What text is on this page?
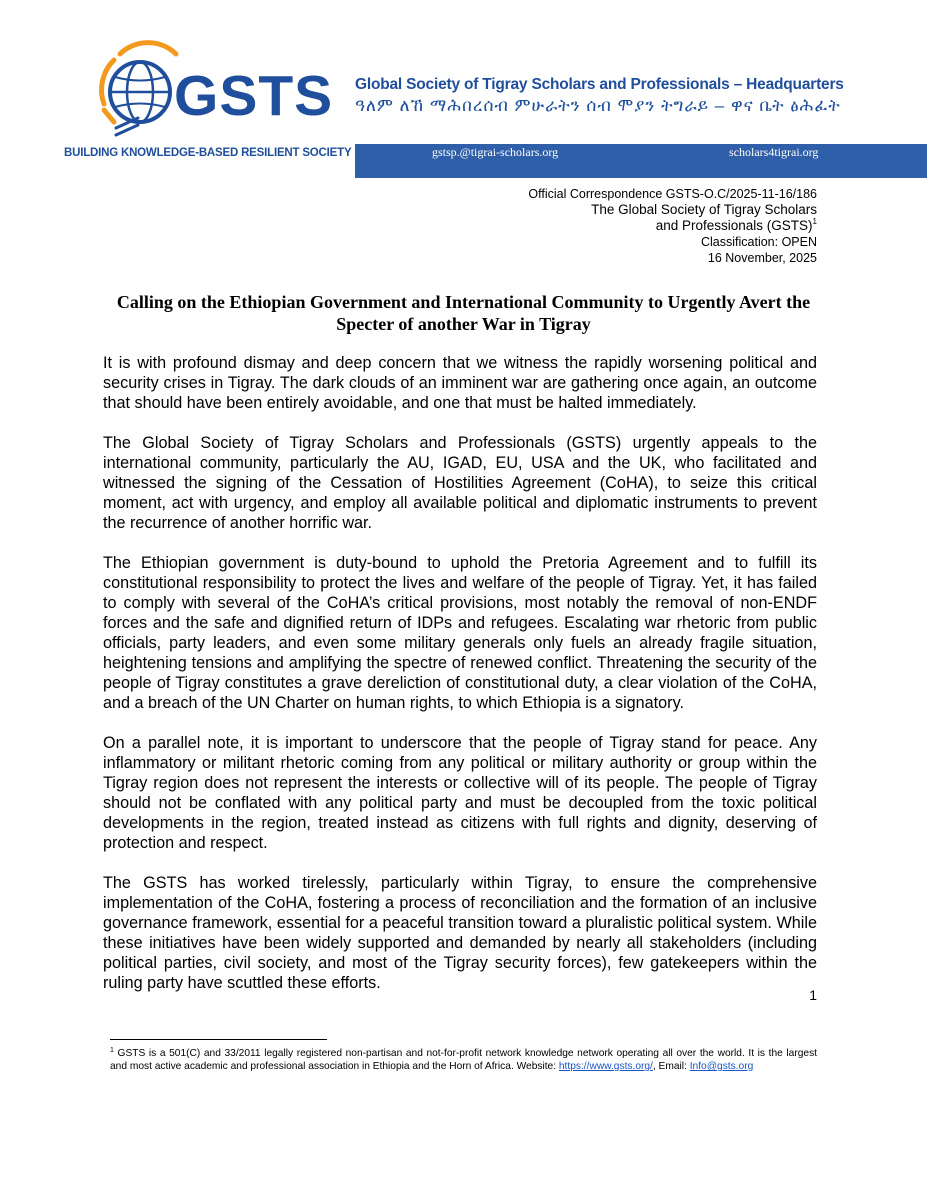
GSTS
BUILDING KNOWLEDGE-BASED RESILIENT SOCIETY
Global Society of Tigray Scholars and Professionals – Headquarters
ዓለም ለኸ ማሕበረሰብ ምሁራትን ሰብ ሞያን ትግራይ – ዋና ቤት ፅሕፈት
gstsp.@tigrai-scholars.org	scholars4tigrai.org
Official Correspondence GSTS-O.C/2025-11-16/186
The Global Society of Tigray Scholars
and Professionals (GSTS)$^1$
Classification: OPEN
16 November, 2025
Calling on the Ethiopian Government and International Community to Urgently Avert the Specter of another War in Tigray

It is with profound dismay and deep concern that we witness the rapidly worsening political and security crises in Tigray. The dark clouds of an imminent war are gathering once again, an outcome that should have been entirely avoidable, and one that must be halted immediately.

The Global Society of Tigray Scholars and Professionals (GSTS) urgently appeals to the international community, particularly the AU, IGAD, EU, USA and the UK, who facilitated and witnessed the signing of the Cessation of Hostilities Agreement (CoHA), to seize this critical moment, act with urgency, and employ all available political and diplomatic instruments to prevent the recurrence of another horrific war.

The Ethiopian government is duty-bound to uphold the Pretoria Agreement and to fulfill its constitutional responsibility to protect the lives and welfare of the people of Tigray. Yet, it has failed to comply with several of the CoHA’s critical provisions, most notably the removal of non-ENDF forces and the safe and dignified return of IDPs and refugees. Escalating war rhetoric from public officials, party leaders, and even some military generals only fuels an already fragile situation, heightening tensions and amplifying the spectre of renewed conflict. Threatening the security of the people of Tigray constitutes a grave dereliction of constitutional duty, a clear violation of the CoHA, and a breach of the UN Charter on human rights, to which Ethiopia is a signatory.

On a parallel note, it is important to underscore that the people of Tigray stand for peace. Any inflammatory or militant rhetoric coming from any political or military authority or group within the Tigray region does not represent the interests or collective will of its people. The people of Tigray should not be conflated with any political party and must be decoupled from the toxic political developments in the region, treated instead as citizens with full rights and dignity, deserving of protection and respect.

The GSTS has worked tirelessly, particularly within Tigray, to ensure the comprehensive implementation of the CoHA, fostering a process of reconciliation and the formation of an inclusive governance framework, essential for a peaceful transition toward a pluralistic political system. While these initiatives have been widely supported and demanded by nearly all stakeholders (including political parties, civil society, and most of the Tigray security forces), few gatekeepers within the ruling party have scuttled these efforts.

1
$^1$ GSTS is a 501(C) and 33/2011 legally registered non-partisan and not-for-profit network knowledge network operating all over the world. It is the largest and most active academic and professional association in Ethiopia and the Horn of Africa. Website: https://www.gsts.org/, Email: Info@gsts.org
